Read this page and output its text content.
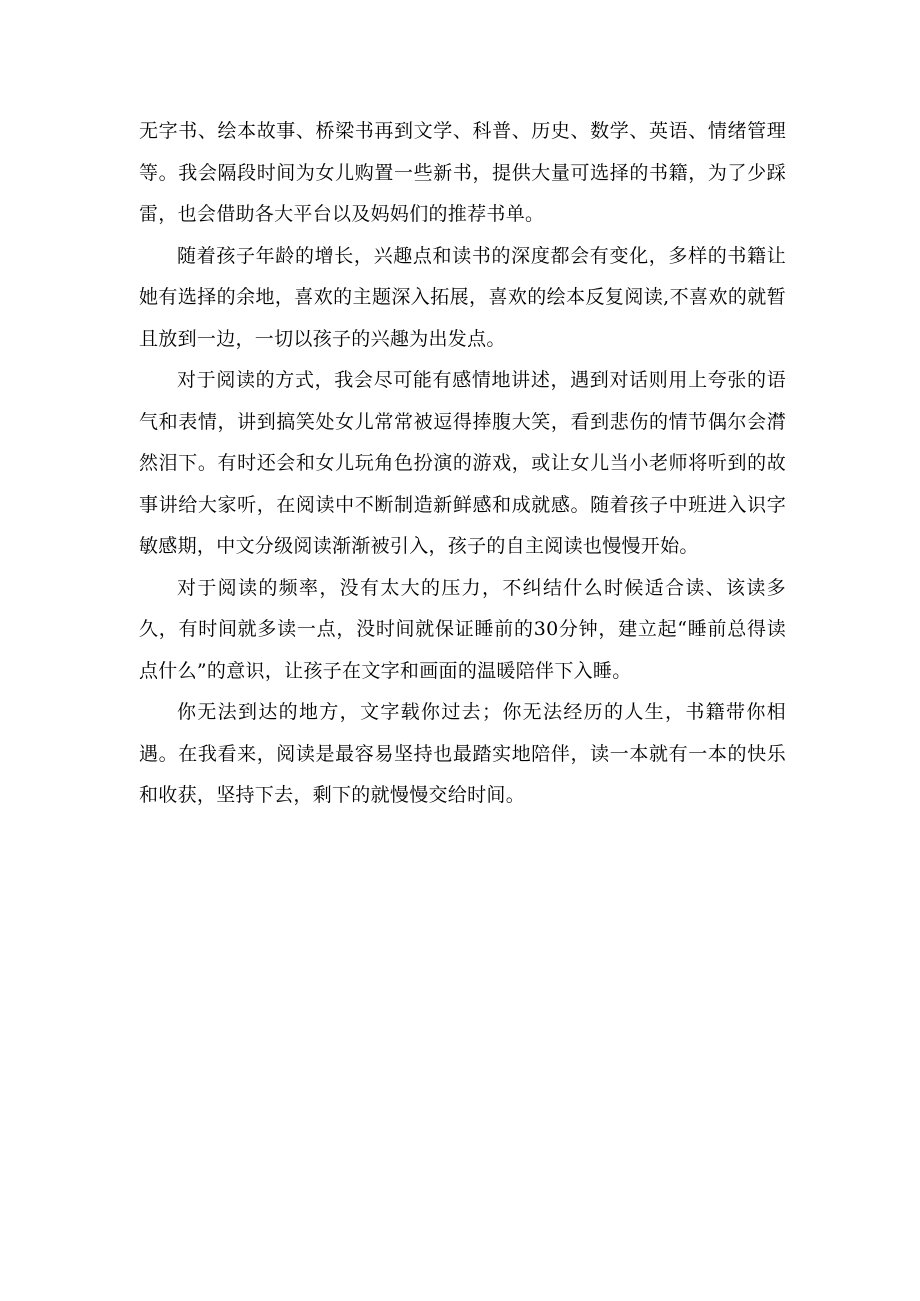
无字书、绘本故事、桥梁书再到文学、科普、历史、数学、英语、情绪管理等。我会隔段时间为女儿购置一些新书，提供大量可选择的书籍，为了少踩雷，也会借助各大平台以及妈妈们的推荐书单。

随着孩子年龄的增长，兴趣点和读书的深度都会有变化，多样的书籍让她有选择的余地，喜欢的主题深入拓展，喜欢的绘本反复阅读,不喜欢的就暂且放到一边，一切以孩子的兴趣为出发点。

对于阅读的方式，我会尽可能有感情地讲述，遇到对话则用上夸张的语气和表情，讲到搞笑处女儿常常被逗得捧腹大笑，看到悲伤的情节偶尔会潸然泪下。有时还会和女儿玩角色扮演的游戏，或让女儿当小老师将听到的故事讲给大家听，在阅读中不断制造新鲜感和成就感。随着孩子中班进入识字敏感期，中文分级阅读渐渐被引入，孩子的自主阅读也慢慢开始。

对于阅读的频率，没有太大的压力，不纠结什么时候适合读、该读多久，有时间就多读一点，没时间就保证睡前的30分钟，建立起“睡前总得读点什么”的意识，让孩子在文字和画面的温暖陪伴下入睡。

你无法到达的地方，文字载你过去；你无法经历的人生，书籍带你相遇。在我看来，阅读是最容易坚持也最踏实地陪伴，读一本就有一本的快乐和收获，坚持下去，剩下的就慢慢交给时间。
